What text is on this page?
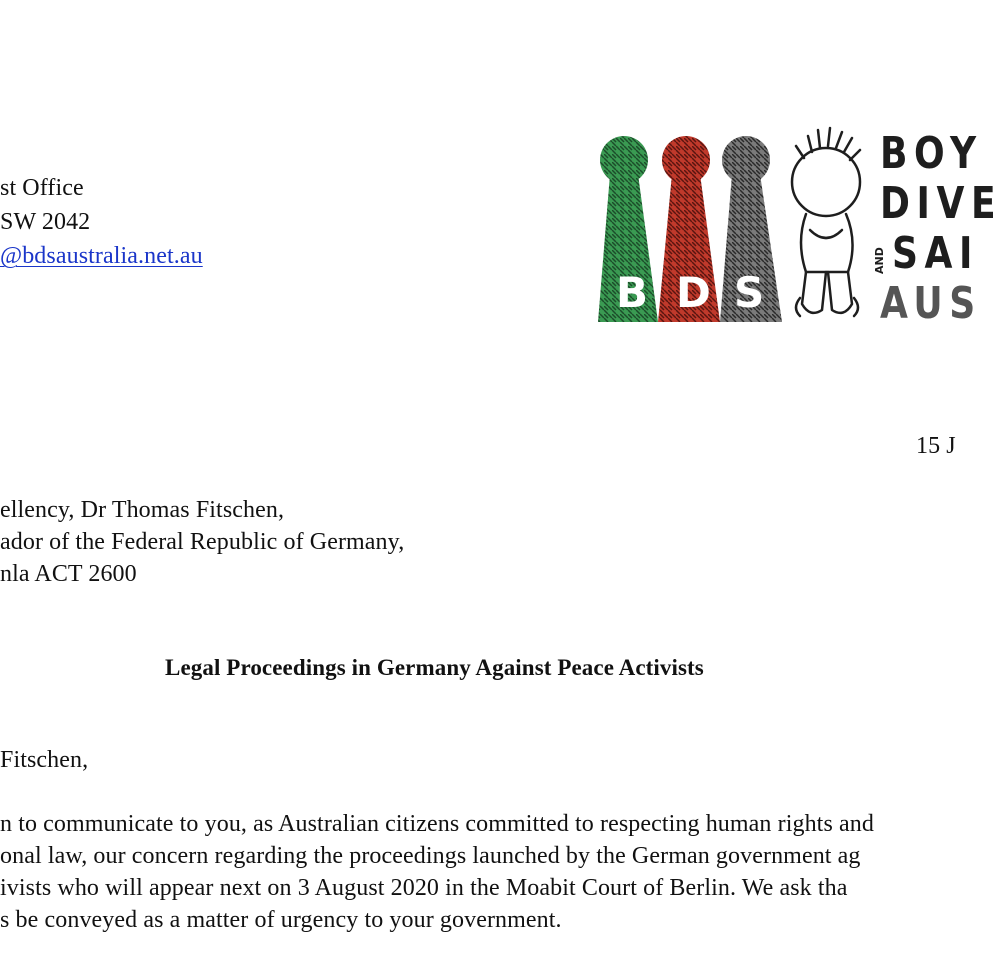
st Office
SW 2042
@bdsaustralia.net.au
B D S
BOY
DIVE
AND SAI
AUS
15 J
ellency, Dr Thomas Fitschen,
ador of the Federal Republic of Germany,
nla ACT 2600
Legal Proceedings in Germany Against Peace Activists
Fitschen,
n to communicate to you, as Australian citizens committed to respecting human rights and
onal law, our concern regarding the proceedings launched by the German government ag
ivists who will appear next on 3 August 2020 in the Moabit Court of Berlin. We ask tha
s be conveyed as a matter of urgency to your government.
